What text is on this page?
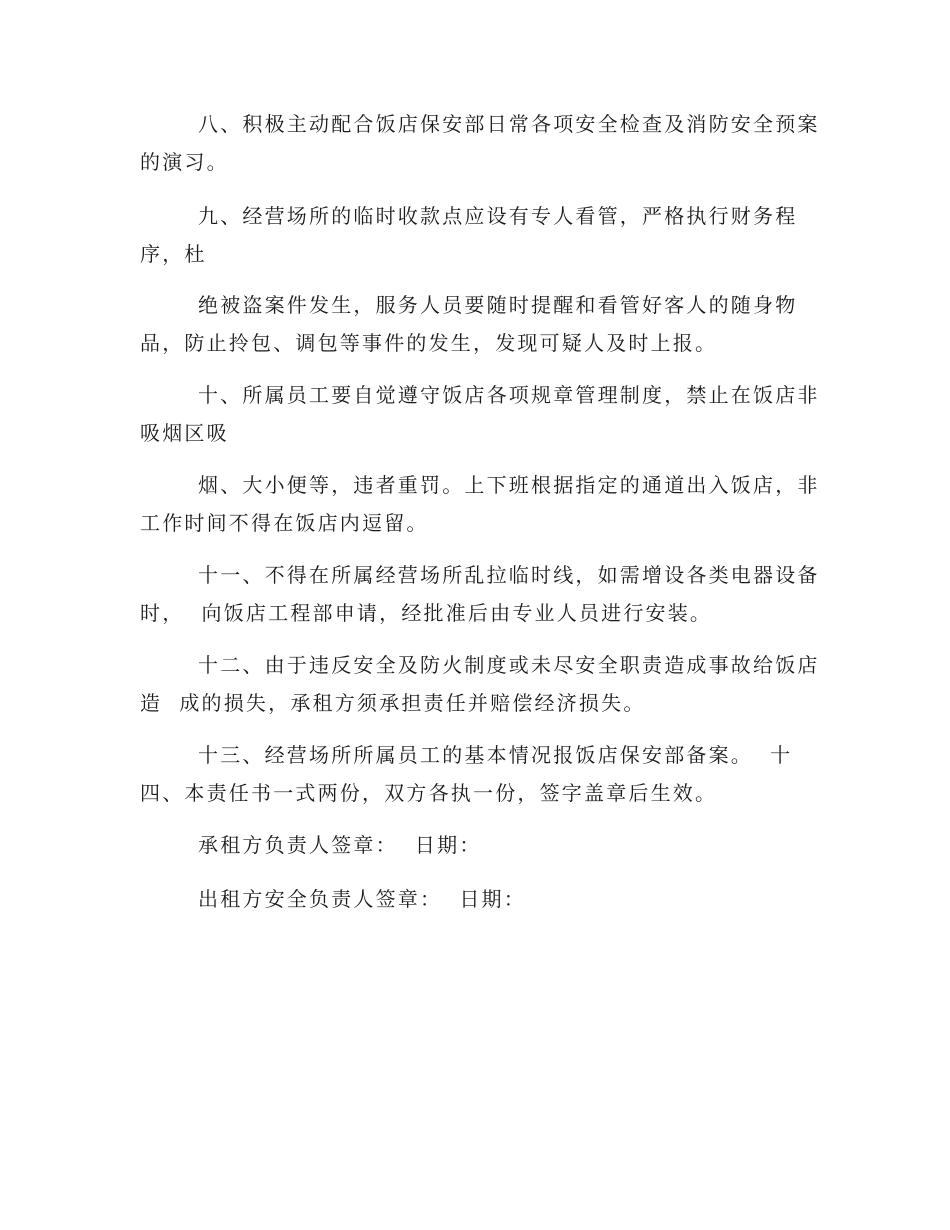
八、积极主动配合饭店保安部日常各项安全检查及消防安全预案
的演习。
九、经营场所的临时收款点应设有专人看管，严格执行财务程
序，杜
绝被盗案件发生，服务人员要随时提醒和看管好客人的随身物
品，防止拎包、调包等事件的发生，发现可疑人及时上报。
十、所属员工要自觉遵守饭店各项规章管理制度，禁止在饭店非
吸烟区吸
烟、大小便等，违者重罚。上下班根据指定的通道出入饭店，非
工作时间不得在饭店内逗留。
十一、不得在所属经营场所乱拉临时线，如需增设各类电器设备
时，  向饭店工程部申请，经批准后由专业人员进行安装。
十二、由于违反安全及防火制度或未尽安全职责造成事故给饭店
造  成的损失，承租方须承担责任并赔偿经济损失。
十三、经营场所所属员工的基本情况报饭店保安部备案。  十
四、本责任书一式两份，双方各执一份，签字盖章后生效。
承租方负责人签章：  日期：
出租方安全负责人签章：  日期：
